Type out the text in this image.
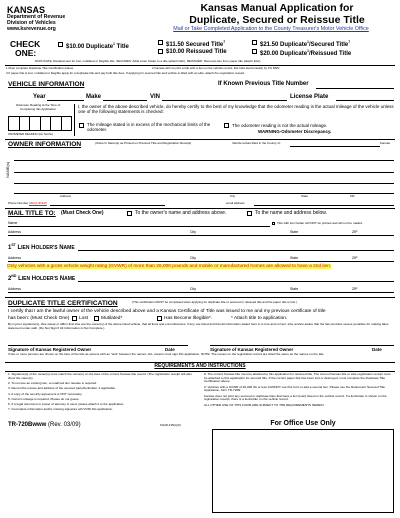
KANSAS
Department of Revenue
Division of Vehicles
www.ksrevenue.org
Kansas Manual Application for
Duplicate, Secured or Reissue Title
Mail or Take Completed Application to the County Treasurer's Motor Vehicle Office
CHECK
ONE:
$10.00 Duplicate$^1$ Title	$11.50 Secured Title$^7$	$21.50 Duplicate$^1$/Secured Title$^7$
$10.00 Reissued Title	$20.00 Duplicate$^1$/Reissued Title
DUPLICATE: Replacement for lost, mutilated or illegible title. SECURED: Adds a lien holder to a title (attach title²). REISSUED: Removes lien from paper title (attach title²).
1 Must complete Duplicate Title Certification below.	2 Kansas will not print a title with a lien on the vehicle record; title held electronically by KS DMV.
3 If paper title is lost, mutilated or illegible apply for a duplicate title and pay both title fees. If applying for secured title and vehicle is titled with an elite, attach the registration receipt.
VEHICLE INFORMATION	If Known Previous Title Number
Year	Make	VIN	License Plate
Odometer Reading at the Time of Completing this Application
ODOMETER READING (No Tenths)
I, the owner of the above described vehicle, do hereby certify to the best of my knowledge that the odometer reading is the actual mileage of the vehicle unless one of the following statements is checked:
The mileage stated is in excess of the mechanical limits of the odometer.
The odometer reading is not the actual mileage.
WARNING-Odometer Discrepancy.
OWNER INFORMATION	(Owner's Name(s) as Printed on Previous Title and Registration Receipt)	Vehicle is/was titled in the County of:	Kansas
NAME(s)
Address	City	State	ZIP
Phone Number (REQUIRED)	email address
MAIL TITLE TO: (Must Check One)	To the owner's name and address above.	To the name and address below.
Name	Title with lien holder will NOT be printed and will not be mailed.
Address	City	State	ZIP
1ST LIEN HOLDER'S NAME
Address	City	State	ZIP
Only vehicles with a gross vehicle weight rating (GVWR) of more than 26,000 pounds and mobile or manufactured homes are allowed to have a 2nd lien.
2ND LIEN HOLDER'S NAME
Address	City	State	ZIP
DUPLICATE TITLE CERTIFICATION	(This certification MUST be completed when applying for duplicate title or secured or reissued title and the paper title is lost.)
I certify that I am the lawful owner of the vehicle described above and a Kansas Certificate of Title was issued to me and my previous certificate of title
has been: (Must Check One) Lost	Mutilated*	Has Become Illegible*.	* Attach title to application.
By my/our signature(s), I/we swear or affirm that I/we are the owner(s) of the above listed vehicle, that all liens and encumbrances, if any, are listed and that all information stated here in is true and correct. I/we am/are aware that the law provides severe penalties for making false statement under oath. (Do Not Sign If All Information is Not Complete.)
Signature of Kansas Registered Owner	Date	Signature of Kansas Registered Owner	Date
If two or more persons are shown on the face of the title as owners with an "and" between the names, ALL owners must sign this application. NOTE: The names on the registration record are listed the same as the names on the title.
REQUIREMENTS AND INSTRUCTIONS
1. Signature(s) of the owner(s) must match the name(s) on the face of the current Kansas title record. (The registration receipt will also show the name(s).
2. To remove an existing lien, a notarized lien release is required.
3. Record the names and address of the secured party/lienholder, if applicable.
4. A copy of the security agreement is NOT necessary.
5. Current mileage is required. Please do not guess.
6. If a legal document or power of attorney is used, please attach it to the application.
7. Incomplete information and/or missing signature will VOID this application.
8. The current Kansas title must be attached to this application for reissued title. The current Kansas title or elite registration receipt must be attached to this application for secured title. If the current paper title has been lost or destroyed, must complete the Duplicate Title Certification above.
9. Vehicles with a GVWR of 26,000 lbs or less CANNOT use this form to add a second lien. Please use the Retirement Secured Title Application, form TR-720R.
Kansas does not print any secured or duplicate titles that have a lien (loan) listed on the vehicle record. If a lienholder is shown on the registration receipt, there is a lienholder on the vehicle record.
ALL OTHER USE OF THIS FORM ARE SUBJECT TO THE REQUIREMENTS HEREIN.
TR-720Bwww (Rev. 03/09)	KSA8-135(c)(6)	For Office Use Only
